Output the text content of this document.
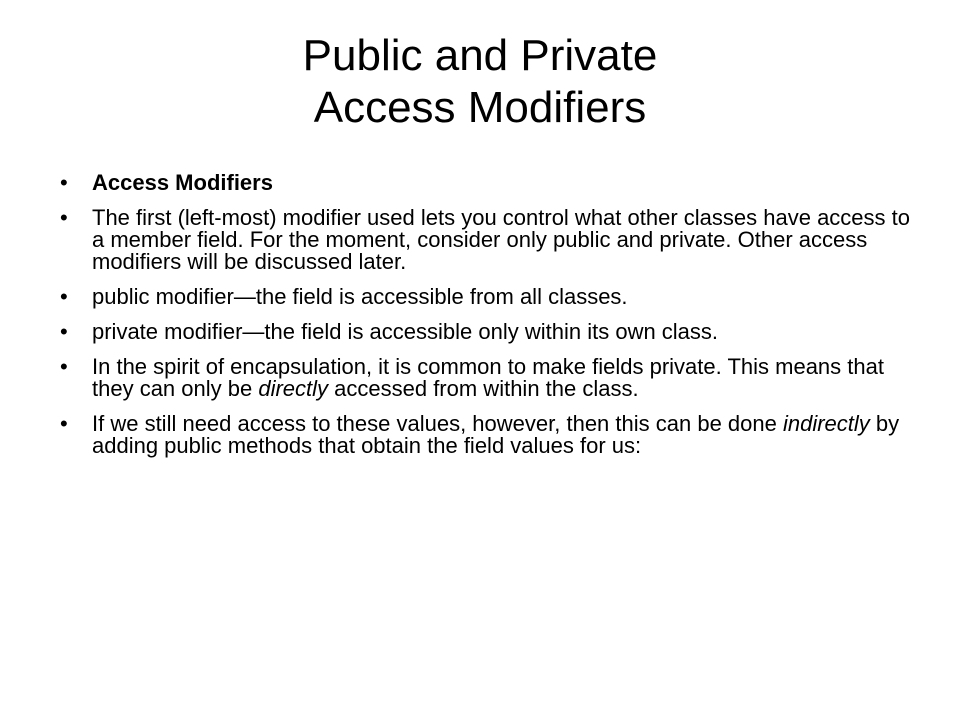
Public and Private
Access Modifiers
• Access Modifiers
• The first (left-most) modifier used lets you control what other classes have access to a member field. For the moment, consider only public and private. Other access modifiers will be discussed later.
• public modifier—the field is accessible from all classes.
• private modifier—the field is accessible only within its own class.
• In the spirit of encapsulation, it is common to make fields private. This means that they can only be directly accessed from within the class.
• If we still need access to these values, however, then this can be done indirectly by adding public methods that obtain the field values for us:
